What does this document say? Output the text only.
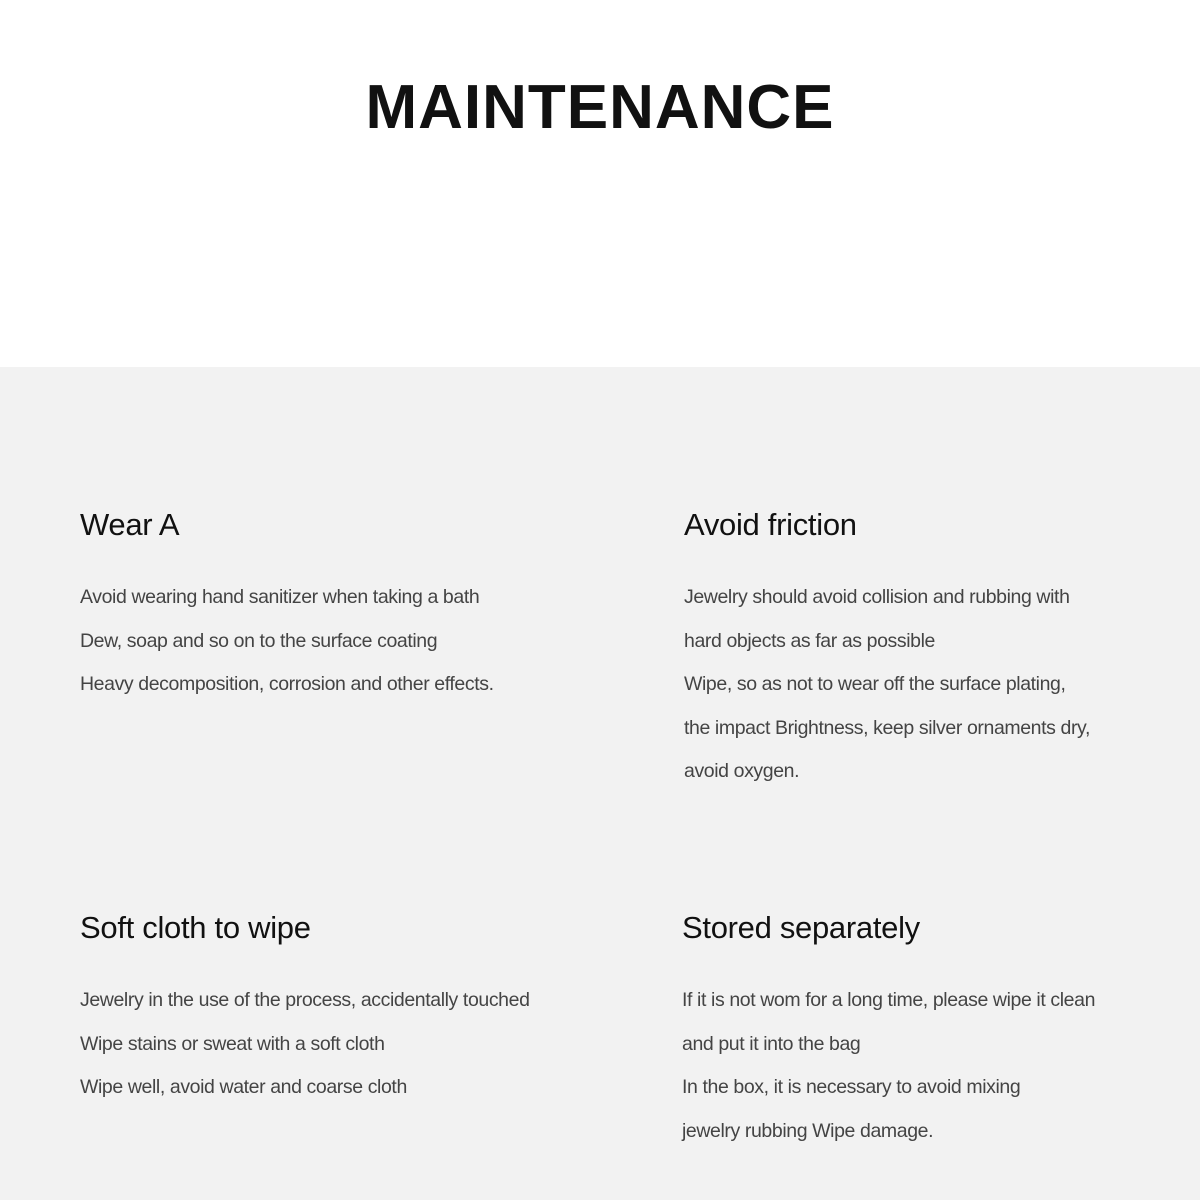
MAINTENANCE
Wear A
Avoid wearing hand sanitizer when taking a bath
Dew, soap and so on to the surface coating
Heavy decomposition, corrosion and other effects.
Avoid friction
Jewelry should avoid collision and rubbing with
hard objects as far as possible
Wipe, so as not to wear off the surface plating,
the impact Brightness, keep silver ornaments dry,
avoid oxygen.
Soft cloth to wipe
Jewelry in the use of the process, accidentally touched
Wipe stains or sweat with a soft cloth
Wipe well, avoid water and coarse cloth
Stored separately
If it is not wom for a long time, please wipe it clean
and put it into the bag
In the box, it is necessary to avoid mixing
jewelry rubbing Wipe damage.
